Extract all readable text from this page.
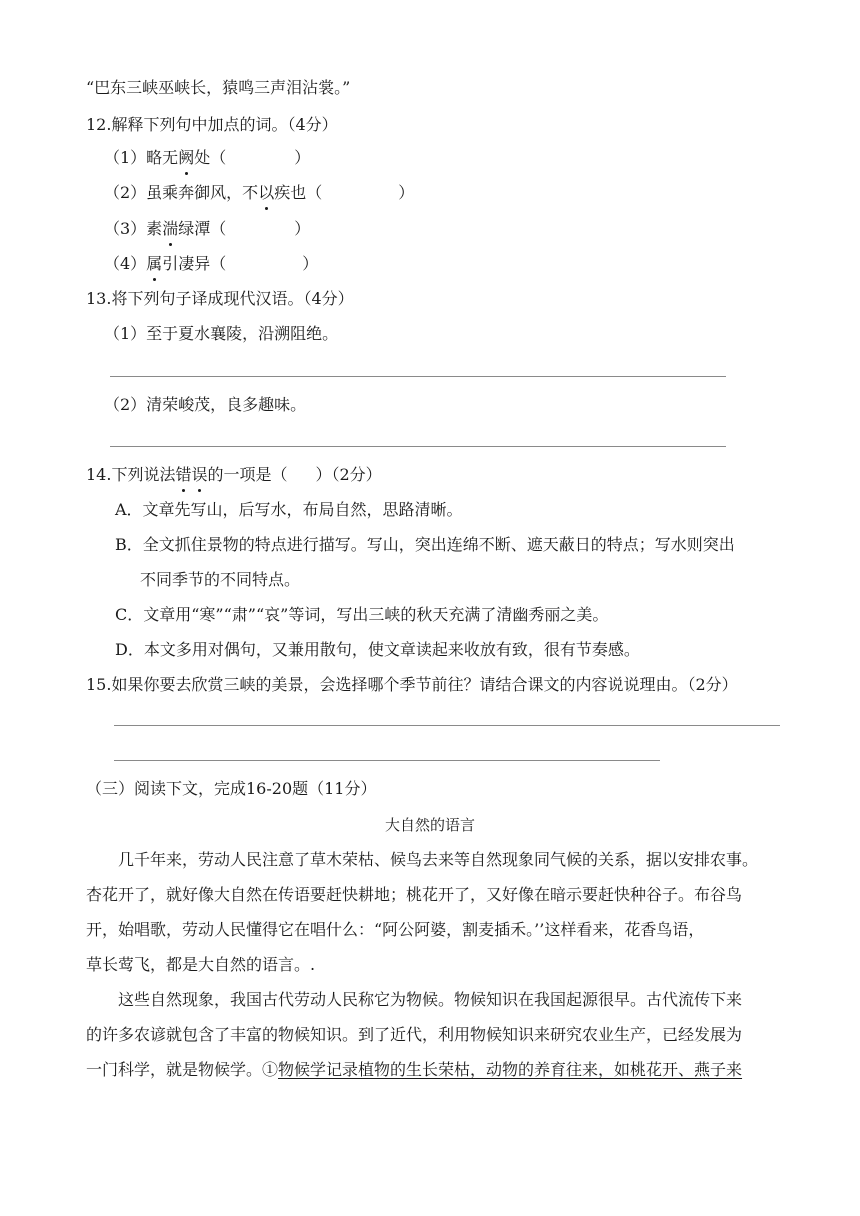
“巴东三峡巫峡长，猿鸣三声泪沾裳。”
12.解释下列句中加点的词。（4分）
（1）略无阙处（	）
（2）虽乘奔御风，不以疾也（	）
（3）素湍绿潭（	）
（4）属引凄异（	）
13.将下列句子译成现代汉语。（4分）
（1）至于夏水襄陵，沿溯阻绝。
（2）清荣峻茂，良多趣味。
14.下列说法错误的一项是（ ）（2分）
A．文章先写山，后写水，布局自然，思路清晰。
B．全文抓住景物的特点进行描写。写山，突出连绵不断、遮天蔽日的特点；写水则突出
不同季节的不同特点。
C．文章用“寒”“肃”“哀”等词，写出三峡的秋天充满了清幽秀丽之美。
D．本文多用对偶句，又兼用散句，使文章读起来收放有致，很有节奏感。
15.如果你要去欣赏三峡的美景，会选择哪个季节前往？请结合课文的内容说说理由。（2分）
（三）阅读下文，完成16-20题（11分）
大自然的语言
几千年来，劳动人民注意了草木荣枯、候鸟去来等自然现象同气候的关系，据以安排农事。
杏花开了，就好像大自然在传语要赶快耕地；桃花开了，又好像在暗示要赶快种谷子。布谷鸟
开，始唱歌，劳动人民懂得它在唱什么：“阿公阿婆，割麦插禾。’’这样看来，花香鸟语，
草长莺飞，都是大自然的语言。.
这些自然现象，我国古代劳动人民称它为物候。物候知识在我国起源很早。古代流传下来
的许多农谚就包含了丰富的物候知识。到了近代，利用物候知识来研究农业生产，已经发展为
一门科学，就是物候学。①物候学记录植物的生长荣枯，动物的养育往来，如桃花开、燕子来
